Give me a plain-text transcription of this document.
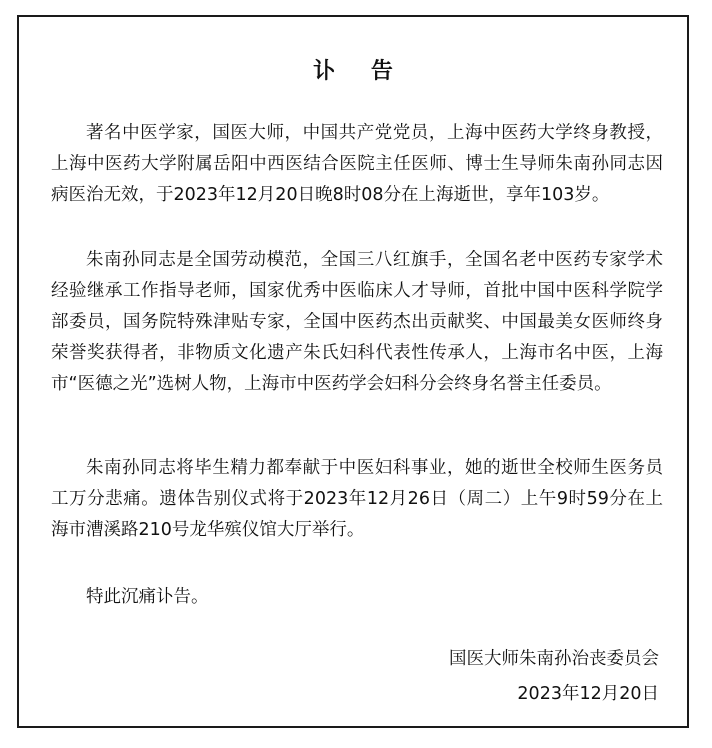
讣 告

著名中医学家，国医大师，中国共产党党员，上海中医药大学终身教授，上海中医药大学附属岳阳中西医结合医院主任医师、博士生导师朱南孙同志因病医治无效，于2023年12月20日晚8时08分在上海逝世，享年103岁。

朱南孙同志是全国劳动模范，全国三八红旗手，全国名老中医药专家学术经验继承工作指导老师，国家优秀中医临床人才导师，首批中国中医科学院学部委员，国务院特殊津贴专家，全国中医药杰出贡献奖、中国最美女医师终身荣誉奖获得者，非物质文化遗产朱氏妇科代表性传承人，上海市名中医，上海市“医德之光”选树人物，上海市中医药学会妇科分会终身名誉主任委员。

朱南孙同志将毕生精力都奉献于中医妇科事业，她的逝世全校师生医务员工万分悲痛。遗体告别仪式将于2023年12月26日（周二）上午9时59分在上海市漕溪路210号龙华殡仪馆大厅举行。

特此沉痛讣告。

国医大师朱南孙治丧委员会
2023年12月20日
